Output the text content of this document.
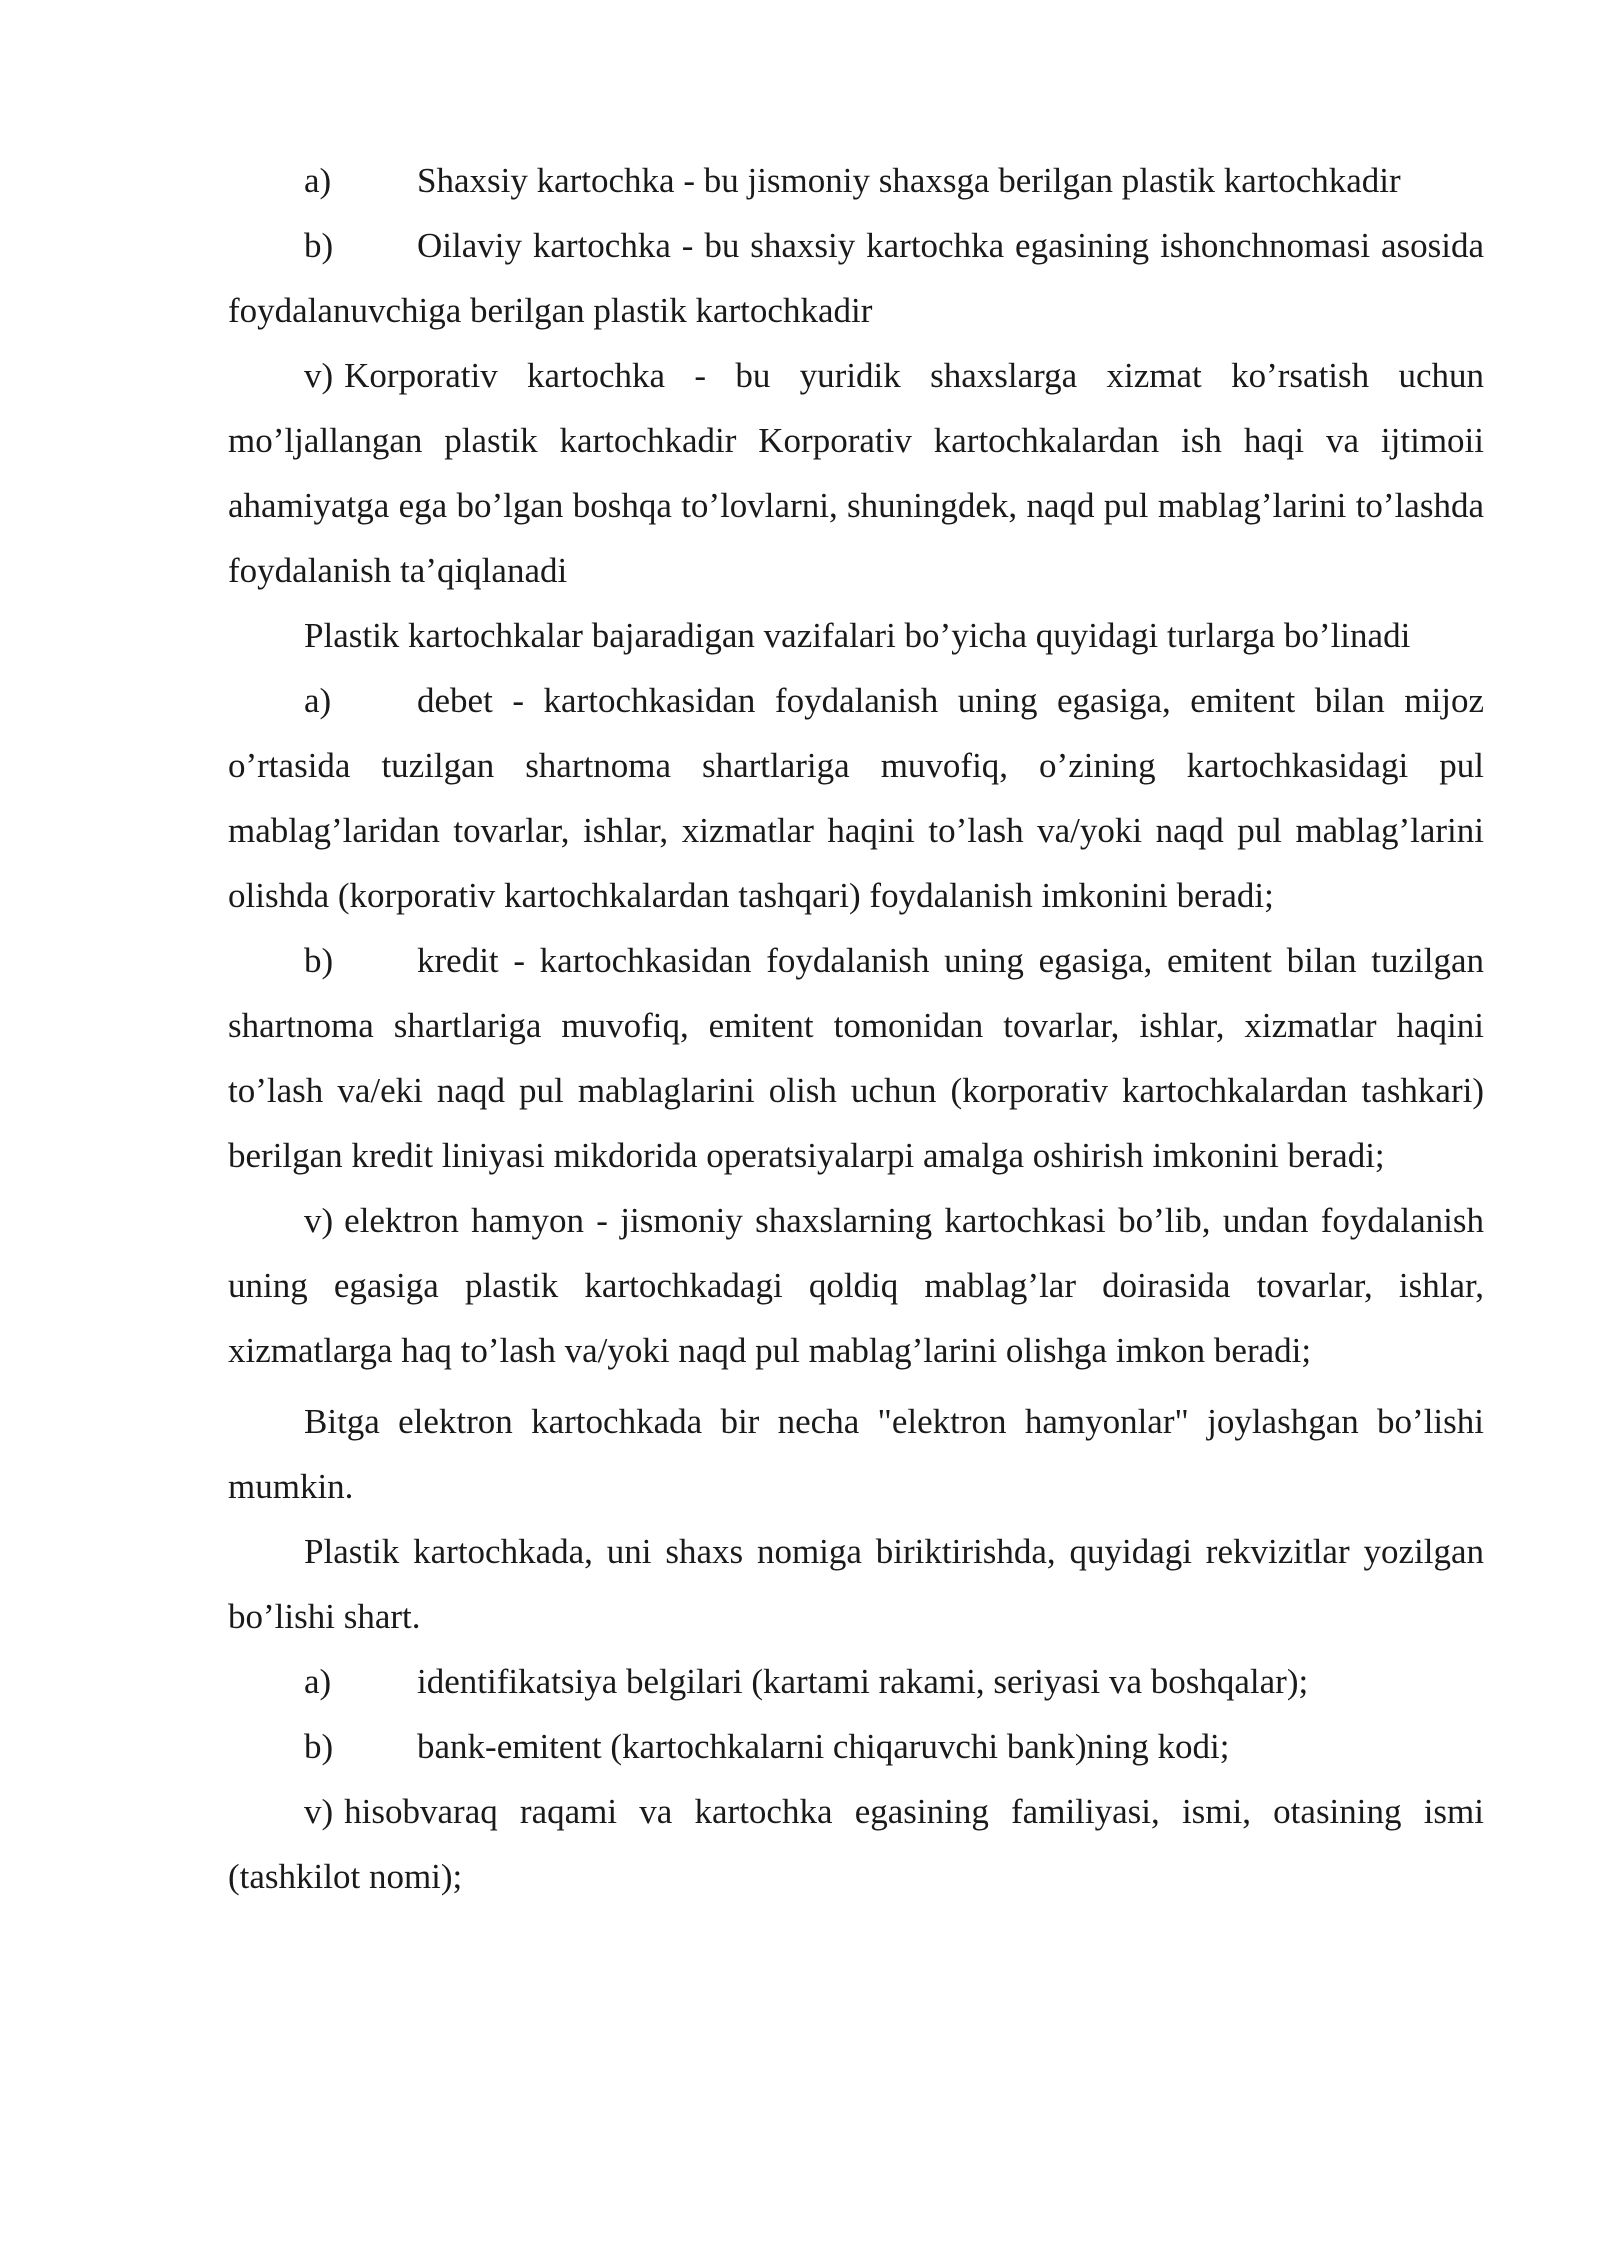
a) Shaxsiy kartochka - bu jismoniy shaxsga berilgan plastik kartochkadir

b) Oilaviy kartochka - bu shaxsiy kartochka egasining ishonchnomasi asosida foydalanuvchiga berilgan plastik kartochkadir

v) Korporativ kartochka - bu yuridik shaxslarga xizmat ko’rsatish uchun mo’ljallangan plastik kartochkadir Korporativ kartochkalardan ish haqi va ijtimoii ahamiyatga ega bo’lgan boshqa to’lovlarni, shuningdek, naqd pul mablag’larini to’lashda foydalanish ta’qiqlanadi

Plastik kartochkalar bajaradigan vazifalari bo’yicha quyidagi turlarga bo’linadi

a) debet - kartochkasidan foydalanish uning egasiga, emitent bilan mijoz o’rtasida tuzilgan shartnoma shartlariga muvofiq, o’zining kartochkasidagi pul mablag’laridan tovarlar, ishlar, xizmatlar haqini to’lash va/yoki naqd pul mablag’larini olishda (korporativ kartochkalardan tashqari) foydalanish imkonini beradi;

b) kredit - kartochkasidan foydalanish uning egasiga, emitent bilan tuzilgan shartnoma shartlariga muvofiq, emitent tomonidan tovarlar, ishlar, xizmatlar haqini to’lash va/eki naqd pul mablaglarini olish uchun (korporativ kartochkalardan tashkari) berilgan kredit liniyasi mikdorida operatsiyalarpi amalga oshirish imkonini beradi;

v) elektron hamyon - jismoniy shaxslarning kartochkasi bo’lib, undan foydalanish uning egasiga plastik kartochkadagi qoldiq mablag’lar doirasida tovarlar, ishlar, xizmatlarga haq to’lash va/yoki naqd pul mablag’larini olishga imkon beradi;

Bitga elektron kartochkada bir necha "elektron hamyonlar" joylashgan bo’lishi mumkin.

Plastik kartochkada, uni shaxs nomiga biriktirishda, quyidagi rekvizitlar yozilgan bo’lishi shart.

a) identifikatsiya belgilari (kartami rakami, seriyasi va boshqalar);

b) bank-emitent (kartochkalarni chiqaruvchi bank)ning kodi;

v) hisobvaraq raqami va kartochka egasining familiyasi, ismi, otasining ismi (tashkilot nomi);
